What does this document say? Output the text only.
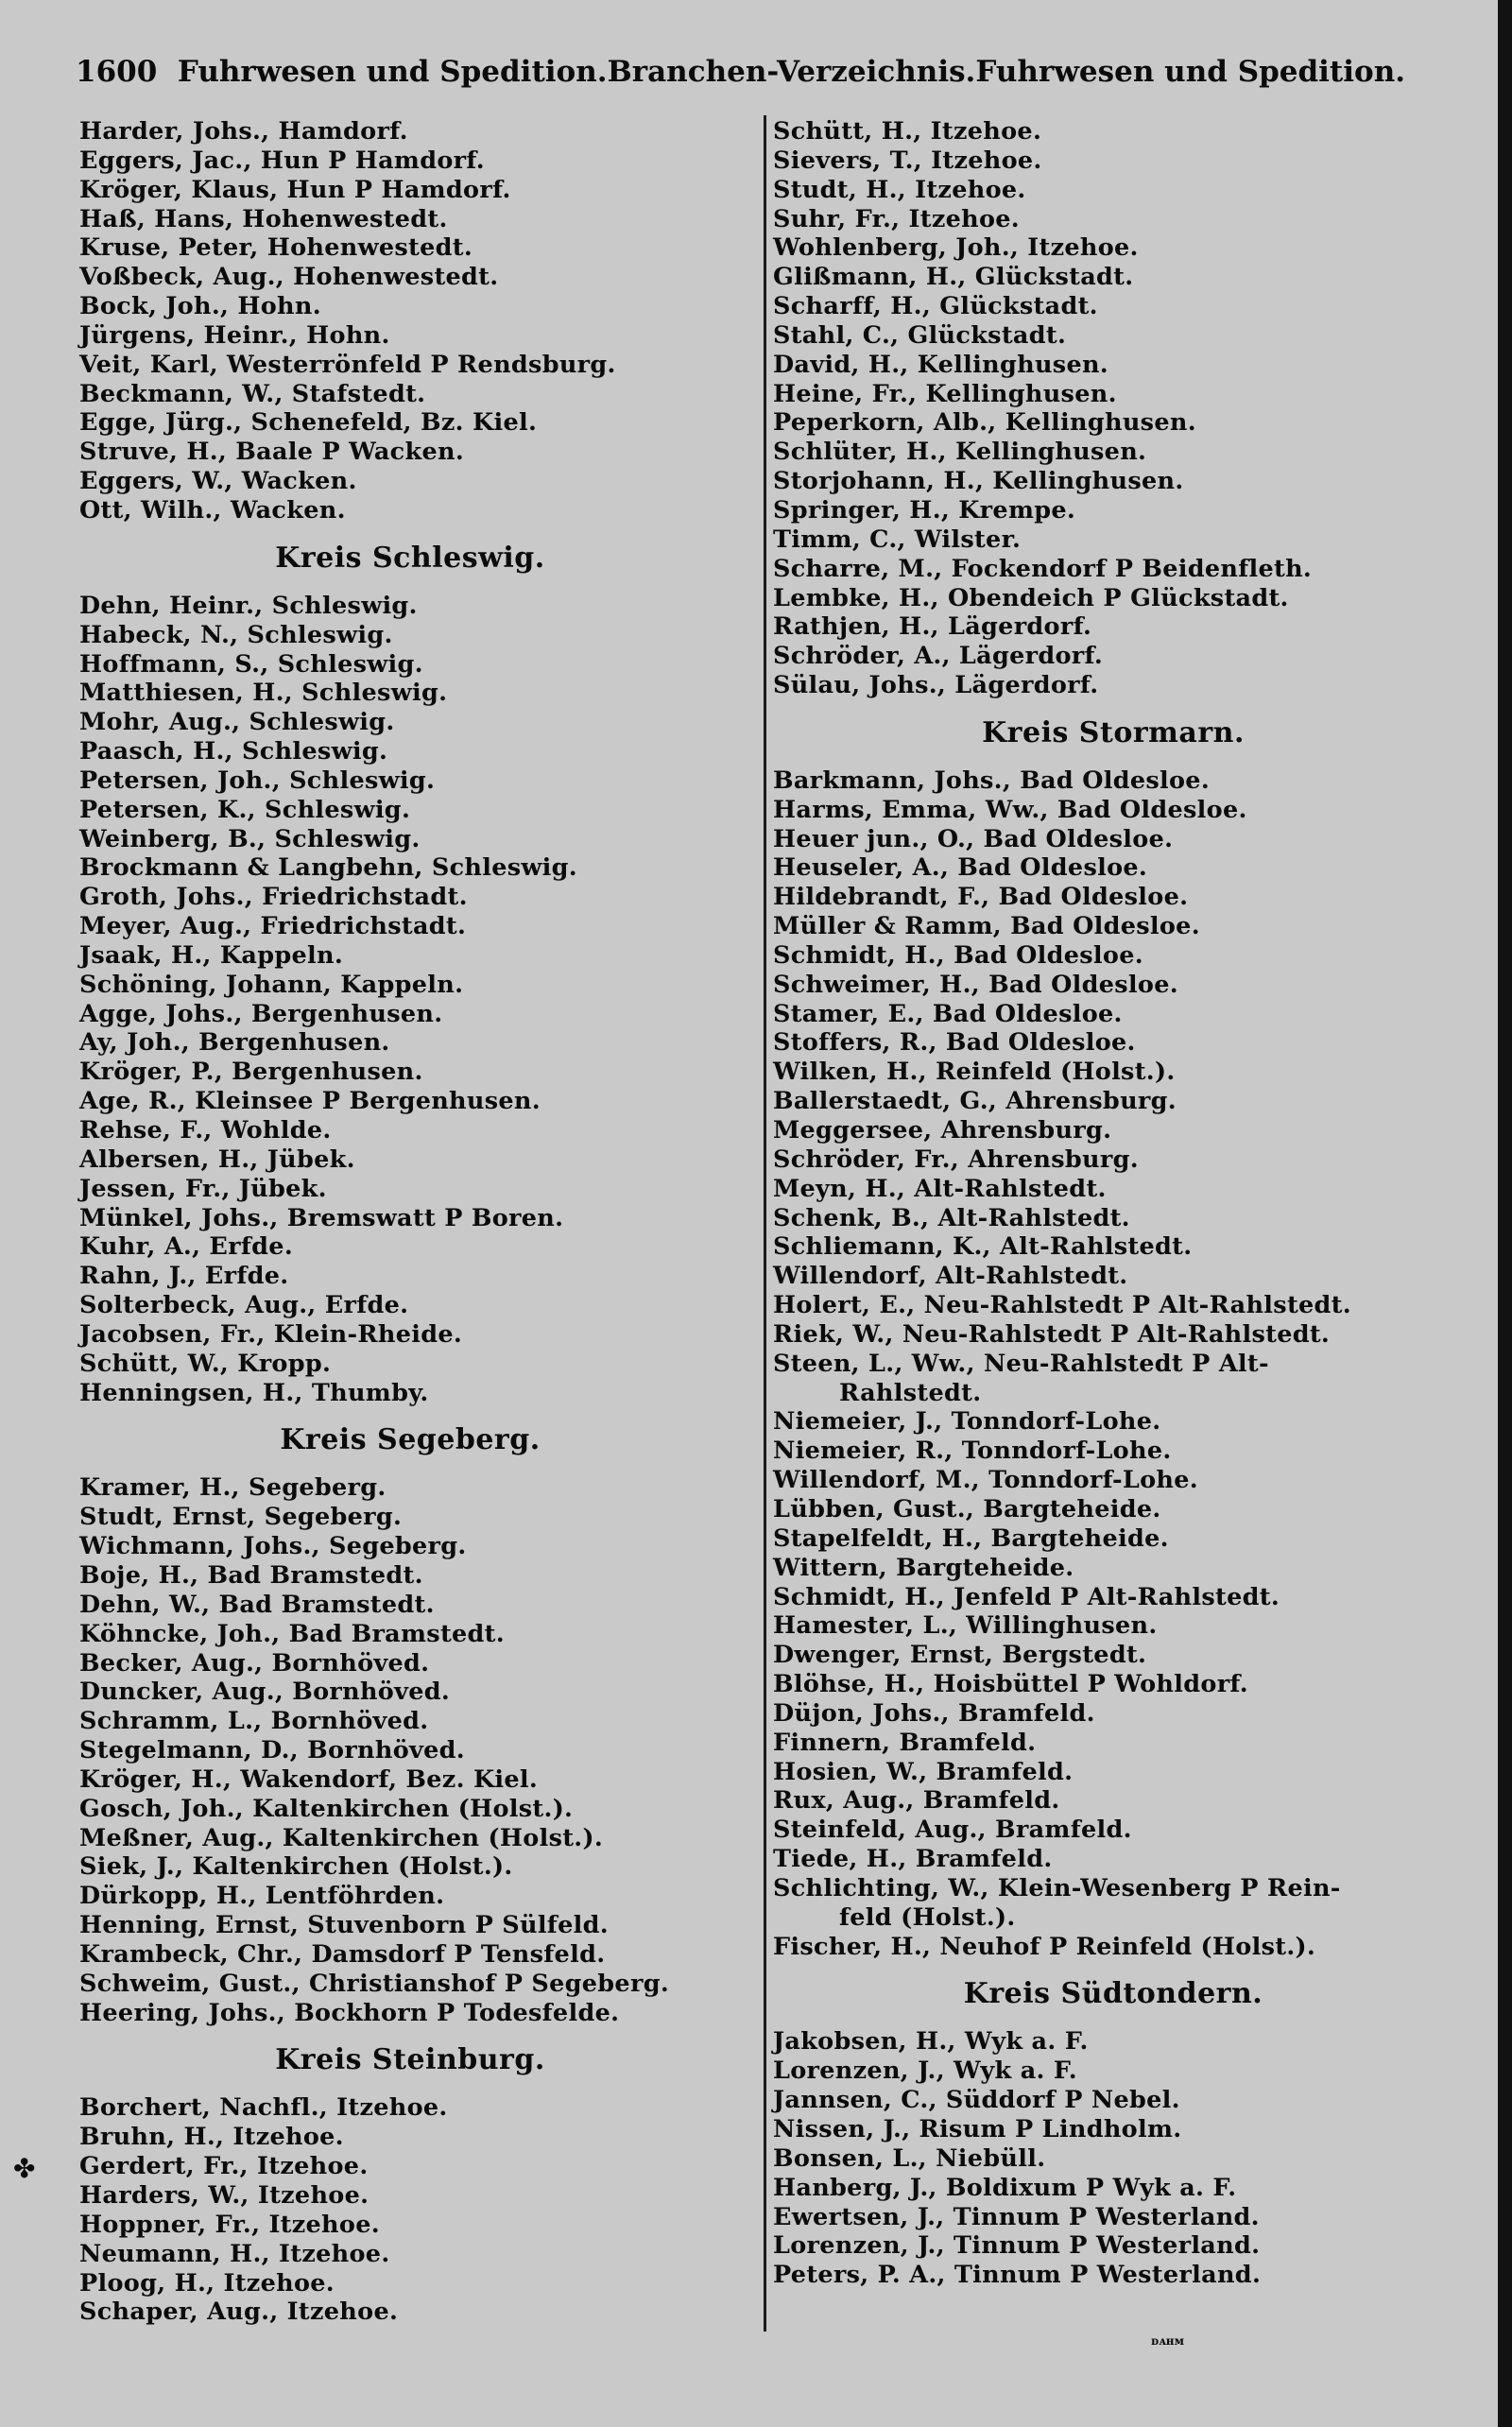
1600 Fuhrwesen und Spedition. Branchen-Verzeichnis. Fuhrwesen und Spedition.
Harder, Johs., Hamdorf.
Eggers, Jac., Hun P Hamdorf.
Kröger, Klaus, Hun P Hamdorf.
Haß, Hans, Hohenwestedt.
Kruse, Peter, Hohenwestedt.
Voßbeck, Aug., Hohenwestedt.
Bock, Joh., Hohn.
Jürgens, Heinr., Hohn.
Veit, Karl, Westerrönfeld P Rendsburg.
Beckmann, W., Stafstedt.
Egge, Jürg., Schenefeld, Bz. Kiel.
Struve, H., Baale P Wacken.
Eggers, W., Wacken.
Ott, Wilh., Wacken.
Kreis Schleswig.
Dehn, Heinr., Schleswig.
Habeck, N., Schleswig.
Hoffmann, S., Schleswig.
Matthiesen, H., Schleswig.
Mohr, Aug., Schleswig.
Paasch, H., Schleswig.
Petersen, Joh., Schleswig.
Petersen, K., Schleswig.
Weinberg, B., Schleswig.
Brockmann & Langbehn, Schleswig.
Groth, Johs., Friedrichstadt.
Meyer, Aug., Friedrichstadt.
Jsaak, H., Kappeln.
Schöning, Johann, Kappeln.
Agge, Johs., Bergenhusen.
Ay, Joh., Bergenhusen.
Kröger, P., Bergenhusen.
Age, R., Kleinsee P Bergenhusen.
Rehse, F., Wohlde.
Albersen, H., Jübek.
Jessen, Fr., Jübek.
Münkel, Johs., Bremswatt P Boren.
Kuhr, A., Erfde.
Rahn, J., Erfde.
Solterbeck, Aug., Erfde.
Jacobsen, Fr., Klein-Rheide.
Schütt, W., Kropp.
Henningsen, H., Thumby.
Kreis Segeberg.
Kramer, H., Segeberg.
Studt, Ernst, Segeberg.
Wichmann, Johs., Segeberg.
Boje, H., Bad Bramstedt.
Dehn, W., Bad Bramstedt.
Köhncke, Joh., Bad Bramstedt.
Becker, Aug., Bornhöved.
Duncker, Aug., Bornhöved.
Schramm, L., Bornhöved.
Stegelmann, D., Bornhöved.
Kröger, H., Wakendorf, Bez. Kiel.
Gosch, Joh., Kaltenkirchen (Holst.).
Meßner, Aug., Kaltenkirchen (Holst.).
Siek, J., Kaltenkirchen (Holst.).
Dürkopp, H., Lentföhrden.
Henning, Ernst, Stuvenborn P Sülfeld.
Krambeck, Chr., Damsdorf P Tensfeld.
Schweim, Gust., Christianshof P Segeberg.
Heering, Johs., Bockhorn P Todesfelde.
Kreis Steinburg.
Borchert, Nachfl., Itzehoe.
Bruhn, H., Itzehoe.
Gerdert, Fr., Itzehoe.
Harders, W., Itzehoe.
Hoppner, Fr., Itzehoe.
Neumann, H., Itzehoe.
Ploog, H., Itzehoe.
Schaper, Aug., Itzehoe.
Schütt, H., Itzehoe.
Sievers, T., Itzehoe.
Studt, H., Itzehoe.
Suhr, Fr., Itzehoe.
Wohlenberg, Joh., Itzehoe.
Glißmann, H., Glückstadt.
Scharff, H., Glückstadt.
Stahl, C., Glückstadt.
David, H., Kellinghusen.
Heine, Fr., Kellinghusen.
Peperkorn, Alb., Kellinghusen.
Schlüter, H., Kellinghusen.
Storjohann, H., Kellinghusen.
Springer, H., Krempe.
Timm, C., Wilster.
Scharre, M., Fockendorf P Beidenfleth.
Lembke, H., Obendeich P Glückstadt.
Rathjen, H., Lägerdorf.
Schröder, A., Lägerdorf.
Sülau, Johs., Lägerdorf.
Kreis Stormarn.
Barkmann, Johs., Bad Oldesloe.
Harms, Emma, Ww., Bad Oldesloe.
Heuer jun., O., Bad Oldesloe.
Heuseler, A., Bad Oldesloe.
Hildebrandt, F., Bad Oldesloe.
Müller & Ramm, Bad Oldesloe.
Schmidt, H., Bad Oldesloe.
Schweimer, H., Bad Oldesloe.
Stamer, E., Bad Oldesloe.
Stoffers, R., Bad Oldesloe.
Wilken, H., Reinfeld (Holst.).
Ballerstaedt, G., Ahrensburg.
Meggersee, Ahrensburg.
Schröder, Fr., Ahrensburg.
Meyn, H., Alt-Rahlstedt.
Schenk, B., Alt-Rahlstedt.
Schliemann, K., Alt-Rahlstedt.
Willendorf, Alt-Rahlstedt.
Holert, E., Neu-Rahlstedt P Alt-Rahlstedt.
Riek, W., Neu-Rahlstedt P Alt-Rahlstedt.
Steen, L., Ww., Neu-Rahlstedt P Alt-
Rahlstedt.
Niemeier, J., Tonndorf-Lohe.
Niemeier, R., Tonndorf-Lohe.
Willendorf, M., Tonndorf-Lohe.
Lübben, Gust., Bargteheide.
Stapelfeldt, H., Bargteheide.
Wittern, Bargteheide.
Schmidt, H., Jenfeld P Alt-Rahlstedt.
Hamester, L., Willinghusen.
Dwenger, Ernst, Bergstedt.
Blöhse, H., Hoisbüttel P Wohldorf.
Düjon, Johs., Bramfeld.
Finnern, Bramfeld.
Hosien, W., Bramfeld.
Rux, Aug., Bramfeld.
Steinfeld, Aug., Bramfeld.
Tiede, H., Bramfeld.
Schlichting, W., Klein-Wesenberg P Rein-
feld (Holst.).
Fischer, H., Neuhof P Reinfeld (Holst.).
Kreis Südtondern.
Jakobsen, H., Wyk a. F.
Lorenzen, J., Wyk a. F.
Jannsen, C., Süddorf P Nebel.
Nissen, J., Risum P Lindholm.
Bonsen, L., Niebüll.
Hanberg, J., Boldixum P Wyk a. F.
Ewertsen, J., Tinnum P Westerland.
Lorenzen, J., Tinnum P Westerland.
Peters, P. A., Tinnum P Westerland.
✤
ᴅᴀʜᴍ
